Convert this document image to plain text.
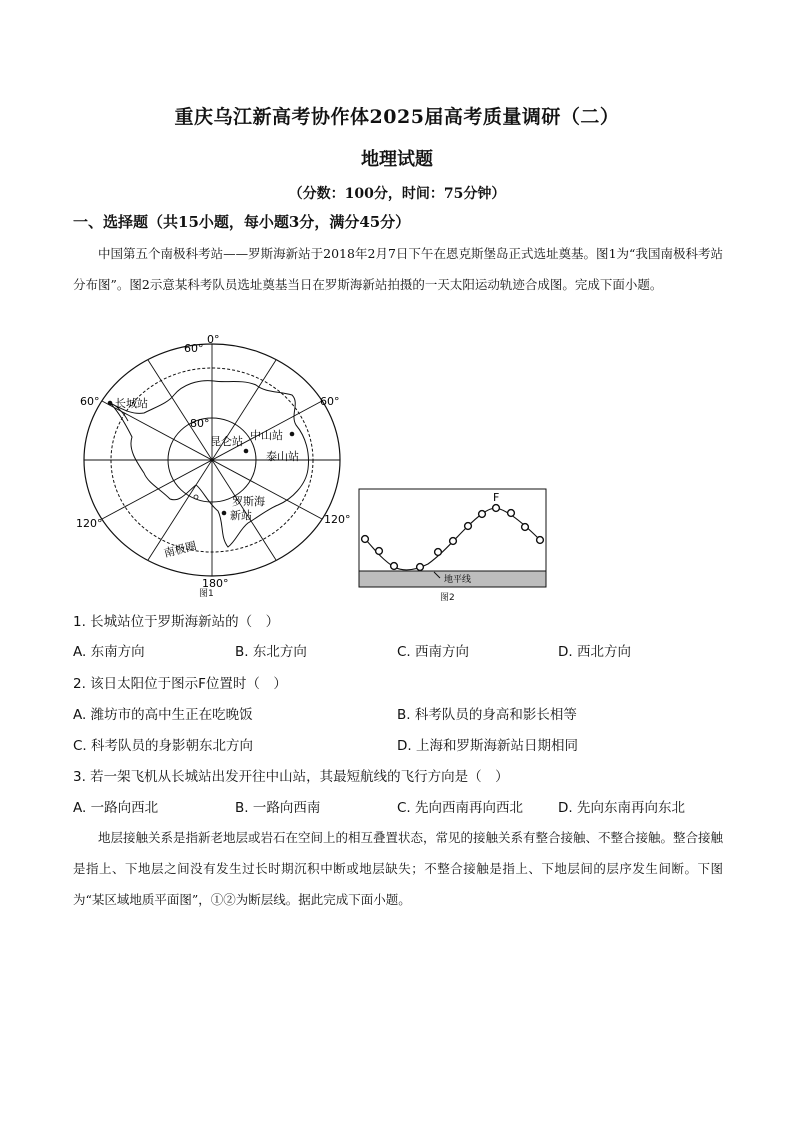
重庆乌江新高考协作体2025届高考质量调研（二）
地理试题
（分数：100分，时间：75分钟）
一、选择题（共15小题，每小题3分，满分45分）
中国第五个南极科考站——罗斯海新站于2018年2月7日下午在恩克斯堡岛正式选址奠基。图1为“我国南极科考站分布图”。图2示意某科考队员选址奠基当日在罗斯海新站拍摄的一天太阳运动轨迹合成图。完成下面小题。
0°
60°
60°	60°
120°	120°
180°
80°
长城站
中山站
昆仑站
泰山站
罗斯海
新站
南极圈
图1
F
地平线
图2
1. 长城站位于罗斯海新站的（　）
A. 东南方向	B. 东北方向	C. 西南方向	D. 西北方向
2. 该日太阳位于图示F位置时（　）
A. 潍坊市的高中生正在吃晚饭	B. 科考队员的身高和影长相等
C. 科考队员的身影朝东北方向	D. 上海和罗斯海新站日期相同
3. 若一架飞机从长城站出发开往中山站，其最短航线的飞行方向是（　）
A. 一路向西北	B. 一路向西南	C. 先向西南再向西北	D. 先向东南再向东北
地层接触关系是指新老地层或岩石在空间上的相互叠置状态，常见的接触关系有整合接触、不整合接触。整合接触是指上、下地层之间没有发生过长时期沉积中断或地层缺失；不整合接触是指上、下地层间的层序发生间断。下图为“某区域地质平面图”，①②为断层线。据此完成下面小题。
